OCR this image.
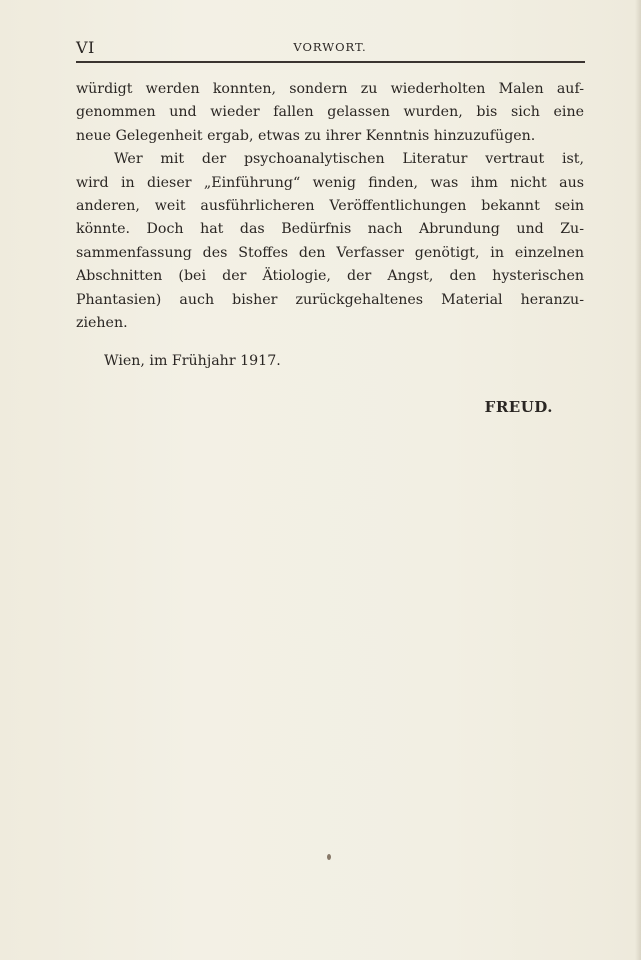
VI	VORWORT.
würdigt werden konnten, sondern zu wiederholten Malen auf-
genommen und wieder fallen gelassen wurden, bis sich eine
neue Gelegenheit ergab, etwas zu ihrer Kenntnis hinzuzufügen.
Wer mit der psychoanalytischen Literatur vertraut ist,
wird in dieser „Einführung“ wenig finden, was ihm nicht aus
anderen, weit ausführlicheren Veröffentlichungen bekannt sein
könnte. Doch hat das Bedürfnis nach Abrundung und Zu-
sammenfassung des Stoffes den Verfasser genötigt, in einzelnen
Abschnitten (bei der Ätiologie, der Angst, den hysterischen
Phantasien) auch bisher zurückgehaltenes Material heranzu-
ziehen.
Wien, im Frühjahr 1917.
FREUD.
